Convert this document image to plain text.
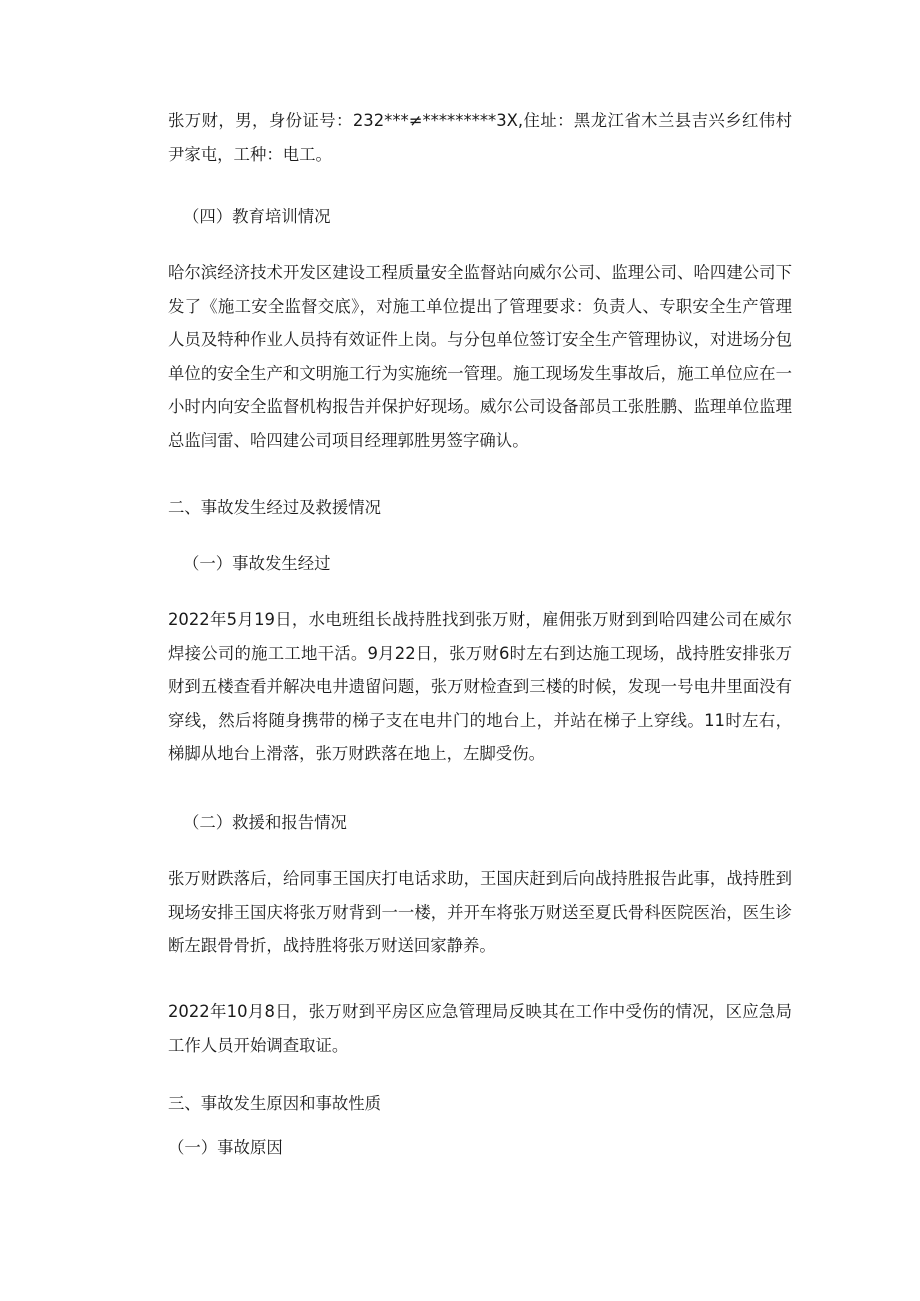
张万财，男，身份证号：232***≠*********3X,住址：黑龙江省木兰县吉兴乡红伟村尹家屯，工种：电工。

（四）教育培训情况

哈尔滨经济技术开发区建设工程质量安全监督站向威尔公司、监理公司、哈四建公司下发了《施工安全监督交底》，对施工单位提出了管理要求：负责人、专职安全生产管理人员及特种作业人员持有效证件上岗。与分包单位签订安全生产管理协议，对进场分包单位的安全生产和文明施工行为实施统一管理。施工现场发生事故后，施工单位应在一小时内向安全监督机构报告并保护好现场。威尔公司设备部员工张胜鹏、监理单位监理总监闫雷、哈四建公司项目经理郭胜男签字确认。

二、事故发生经过及救援情况

（一）事故发生经过

2022年5月19日，水电班组长战持胜找到张万财，雇佣张万财到到哈四建公司在威尔焊接公司的施工工地干活。9月22日，张万财6时左右到达施工现场，战持胜安排张万财到五楼查看并解决电井遗留问题，张万财检查到三楼的时候，发现一号电井里面没有穿线，然后将随身携带的梯子支在电井门的地台上，并站在梯子上穿线。11时左右，梯脚从地台上滑落，张万财跌落在地上，左脚受伤。

（二）救援和报告情况

张万财跌落后，给同事王国庆打电话求助，王国庆赶到后向战持胜报告此事，战持胜到现场安排王国庆将张万财背到一一楼，并开车将张万财送至夏氏骨科医院医治，医生诊断左跟骨骨折，战持胜将张万财送回家静养。

2022年10月8日，张万财到平房区应急管理局反映其在工作中受伤的情况，区应急局工作人员开始调查取证。

三、事故发生原因和事故性质

（一）事故原因
